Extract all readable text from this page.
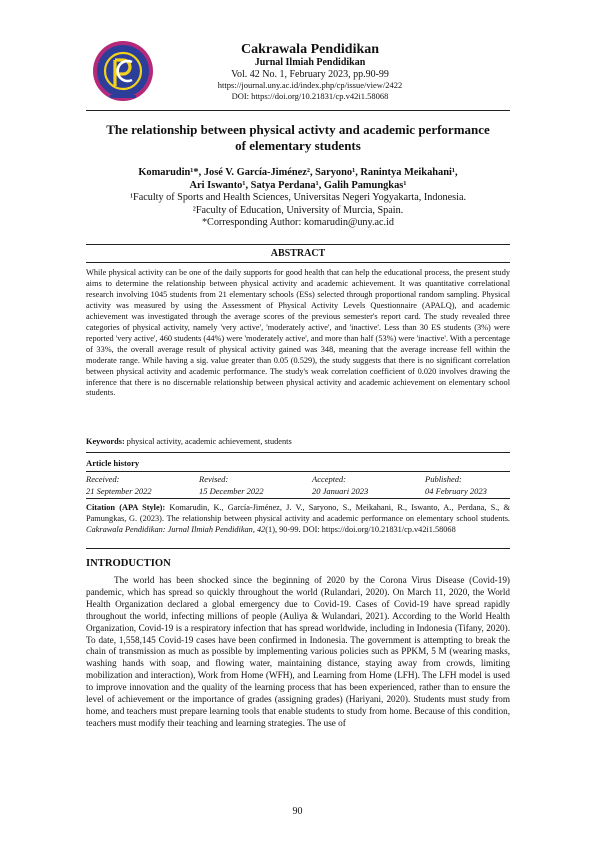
Cakrawala Pendidikan
Jurnal Ilmiah Pendidikan
Vol. 42 No. 1, February 2023, pp.90-99
https://journal.uny.ac.id/index.php/cp/issue/view/2422
DOI: https://doi.org/10.21831/cp.v42i1.58068
The relationship between physical activty and academic performance
of elementary students
Komarudin¹*, José V. García-Jiménez², Saryono¹, Ranintya Meikahani¹,
Ari Iswanto¹, Satya Perdana¹, Galih Pamungkas¹
¹Faculty of Sports and Health Sciences, Universitas Negeri Yogyakarta, Indonesia.
²Faculty of Education, University of Murcia, Spain.
*Corresponding Author: komarudin@uny.ac.id
ABSTRACT
While physical activity can be one of the daily supports for good health that can help the educational process, the present study aims to determine the relationship between physical activity and academic achievement. It was quantitative correlational research involving 1045 students from 21 elementary schools (ESs) selected through proportional random sampling. Physical activity was measured by using the Assessment of Physical Activity Levels Questionnaire (APALQ), and academic achievement was investigated through the average scores of the previous semester's report card. The study revealed three categories of physical activity, namely 'very active', 'moderately active', and 'inactive'. Less than 30 ES students (3%) were reported 'very active', 460 students (44%) were 'moderately active', and more than half (53%) were 'inactive'. With a percentage of 33%, the overall average result of physical activity gained was 348, meaning that the average increase fell within the moderate range. While having a sig. value greater than 0.05 (0.529), the study suggests that there is no significant correlation between physical activity and academic performance. The study's weak correlation coefficient of 0.020 involves drawing the inference that there is no discernable relationship between physical activity and academic achievement on elementary school students.
Keywords: physical activity, academic achievement, students
Article history
Received:
21 September 2022
Revised:
15 December 2022
Accepted:
20 Januari 2023
Published:
04 February 2023
Citation (APA Style): Komarudin, K., García-Jiménez, J. V., Saryono, S., Meikahani, R., Iswanto, A., Perdana, S., & Pamungkas, G. (2023). The relationship between physical activity and academic performance on elementary school students. Cakrawala Pendidikan: Jurnal Ilmiah Pendidikan, 42(1), 90-99. DOI: https://doi.org/10.21831/cp.v42i1.58068
INTRODUCTION
The world has been shocked since the beginning of 2020 by the Corona Virus Disease (Covid-19) pandemic, which has spread so quickly throughout the world (Rulandari, 2020). On March 11, 2020, the World Health Organization declared a global emergency due to Covid-19. Cases of Covid-19 have spread rapidly throughout the world, infecting millions of people (Auliya & Wulandari, 2021). According to the World Health Organization, Covid-19 is a respiratory infection that has spread worldwide, including in Indonesia (Tifany, 2020). To date, 1,558,145 Covid-19 cases have been confirmed in Indonesia. The government is attempting to break the chain of transmission as much as possible by implementing various policies such as PPKM, 5 M (wearing masks, washing hands with soap, and flowing water, maintaining distance, staying away from crowds, limiting mobilization and interaction), Work from Home (WFH), and Learning from Home (LFH). The LFH model is used to improve innovation and the quality of the learning process that has been experienced, rather than to ensure the level of achievement or the importance of grades (assigning grades) (Hariyani, 2020). Students must study from home, and teachers must prepare learning tools that enable students to study from home. Because of this condition, teachers must modify their teaching and learning strategies. The use of
90
